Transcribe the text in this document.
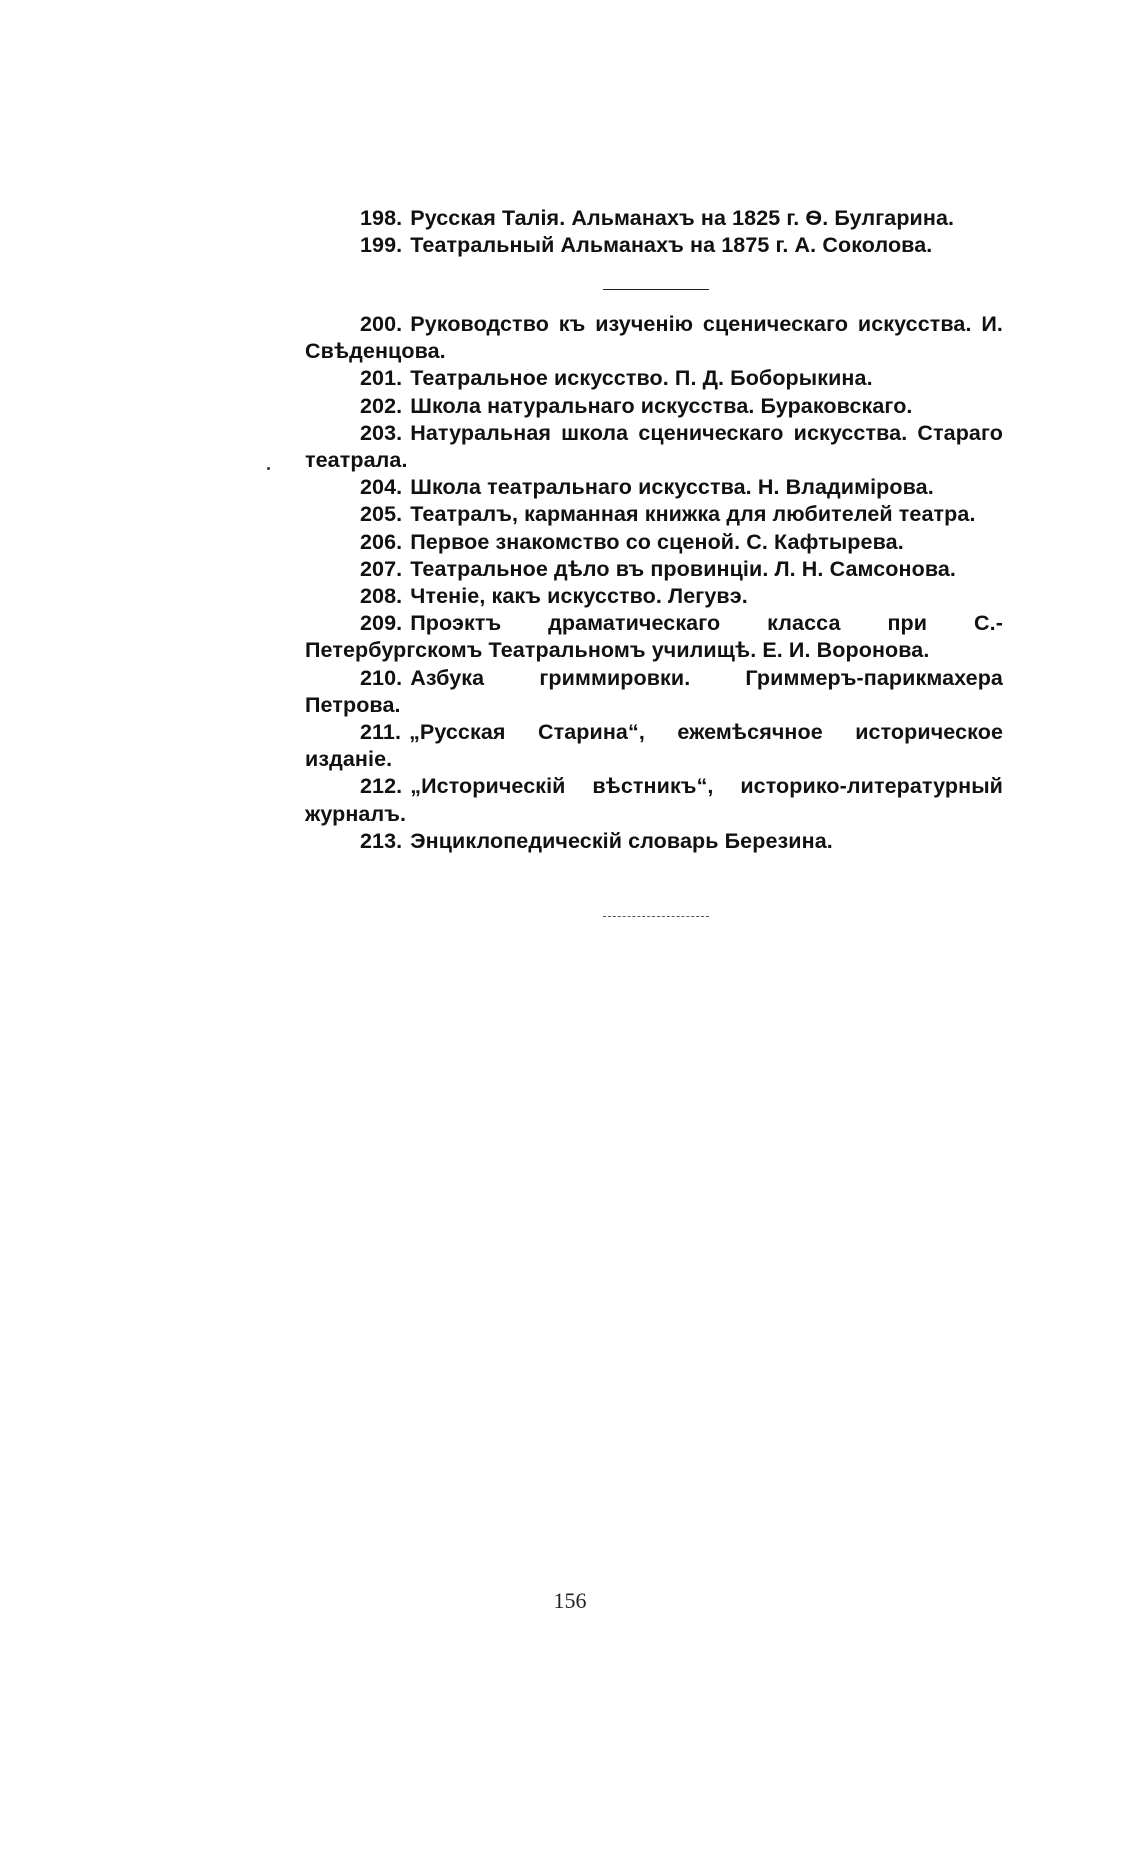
198. Русская Талія. Альманахъ на 1825 г. Ѳ. Булгарина.

199. Театральный Альманахъ на 1875 г. А. Соколова.

200. Руководство къ изученію сценическаго искусства. И. Свѣденцова.

201. Театральное искусство. П. Д. Боборыкина.

202. Школа натуральнаго искусства. Бураковскаго.

203. Натуральная школа сценическаго искусства. Стараго театрала.

204. Школа театральнаго искусства. Н. Владимірова.

205. Театралъ, карманная книжка для любителей театра.

206. Первое знакомство со сценой. С. Кафтырева.

207. Театральное дѣло въ провинціи. Л. Н. Самсонова.

208. Чтеніе, какъ искусство. Легувэ.

209. Проэктъ драматическаго класса при С.-Петербургскомъ Театральномъ училищѣ. Е. И. Воронова.

210. Азбука гриммировки. Гриммеръ-парикмахера Петрова.

211. „Русская Старина“, ежемѣсячное историческое изданіе.

212. „Историческій вѣстникъ“, историко-литературный журналъ.

213. Энциклопедическій словарь Березина.

156
